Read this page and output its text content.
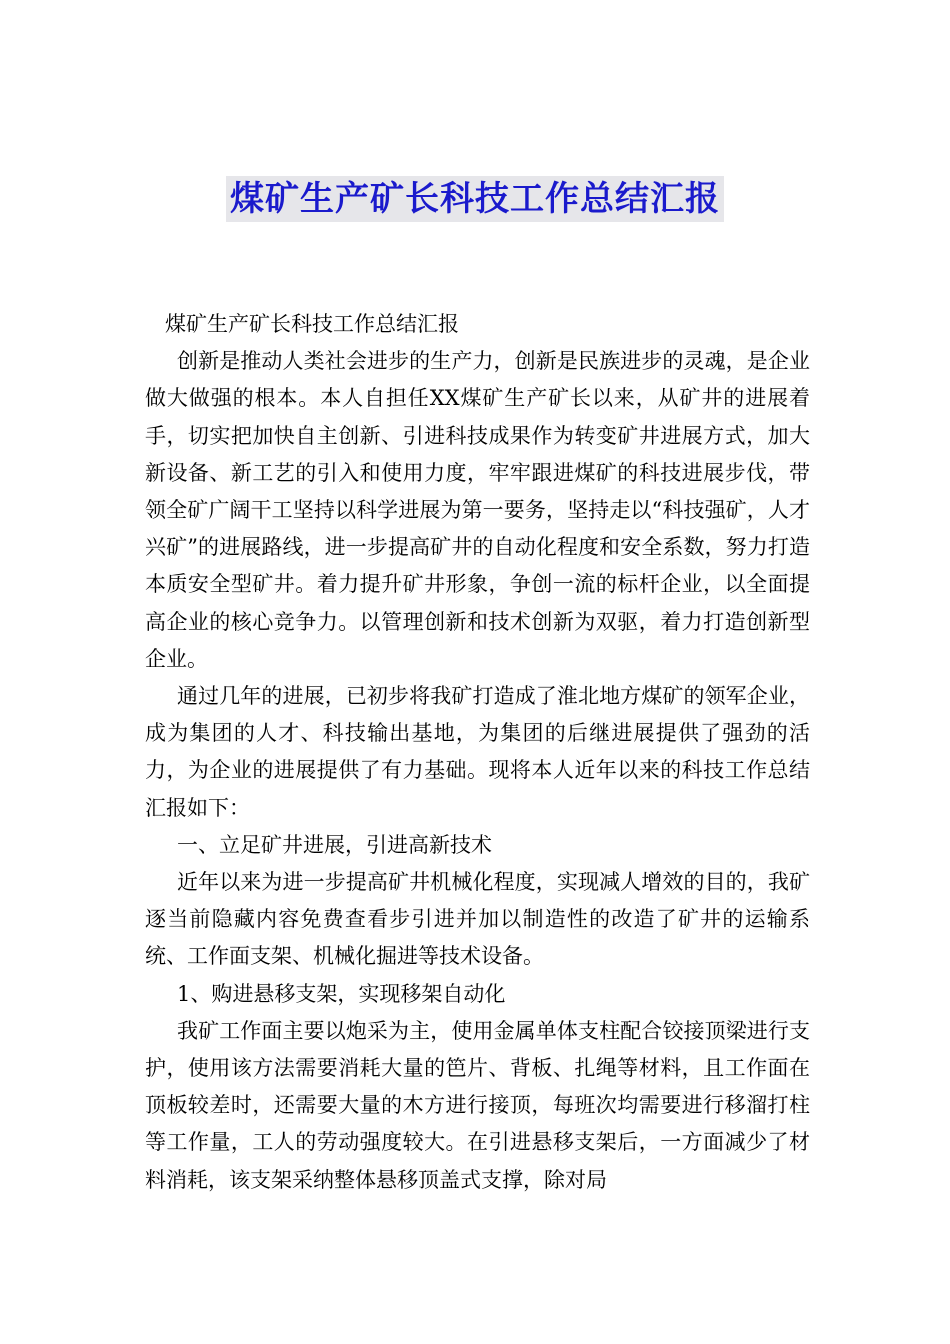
煤矿生产矿长科技工作总结汇报

煤矿生产矿长科技工作总结汇报

创新是推动人类社会进步的生产力，创新是民族进步的灵魂，是企业做大做强的根本。本人自担任XX煤矿生产矿长以来，从矿井的进展着手，切实把加快自主创新、引进科技成果作为转变矿井进展方式，加大新设备、新工艺的引入和使用力度，牢牢跟进煤矿的科技进展步伐，带领全矿广阔干工坚持以科学进展为第一要务，坚持走以“科技强矿，人才兴矿”的进展路线，进一步提高矿井的自动化程度和安全系数，努力打造本质安全型矿井。着力提升矿井形象，争创一流的标杆企业，以全面提高企业的核心竞争力。以管理创新和技术创新为双驱，着力打造创新型企业。

通过几年的进展，已初步将我矿打造成了淮北地方煤矿的领军企业，成为集团的人才、科技输出基地，为集团的后继进展提供了强劲的活力，为企业的进展提供了有力基础。现将本人近年以来的科技工作总结汇报如下：

一、立足矿井进展，引进高新技术

近年以来为进一步提高矿井机械化程度，实现减人增效的目的，我矿逐当前隐藏内容免费查看步引进并加以制造性的改造了矿井的运输系统、工作面支架、机械化掘进等技术设备。

1、购进悬移支架，实现移架自动化

我矿工作面主要以炮采为主，使用金属单体支柱配合铰接顶梁进行支护，使用该方法需要消耗大量的笆片、背板、扎绳等材料，且工作面在顶板较差时，还需要大量的木方进行接顶，每班次均需要进行移溜打柱等工作量，工人的劳动强度较大。在引进悬移支架后，一方面减少了材料消耗，该支架采纳整体悬移顶盖式支撑，除对局
